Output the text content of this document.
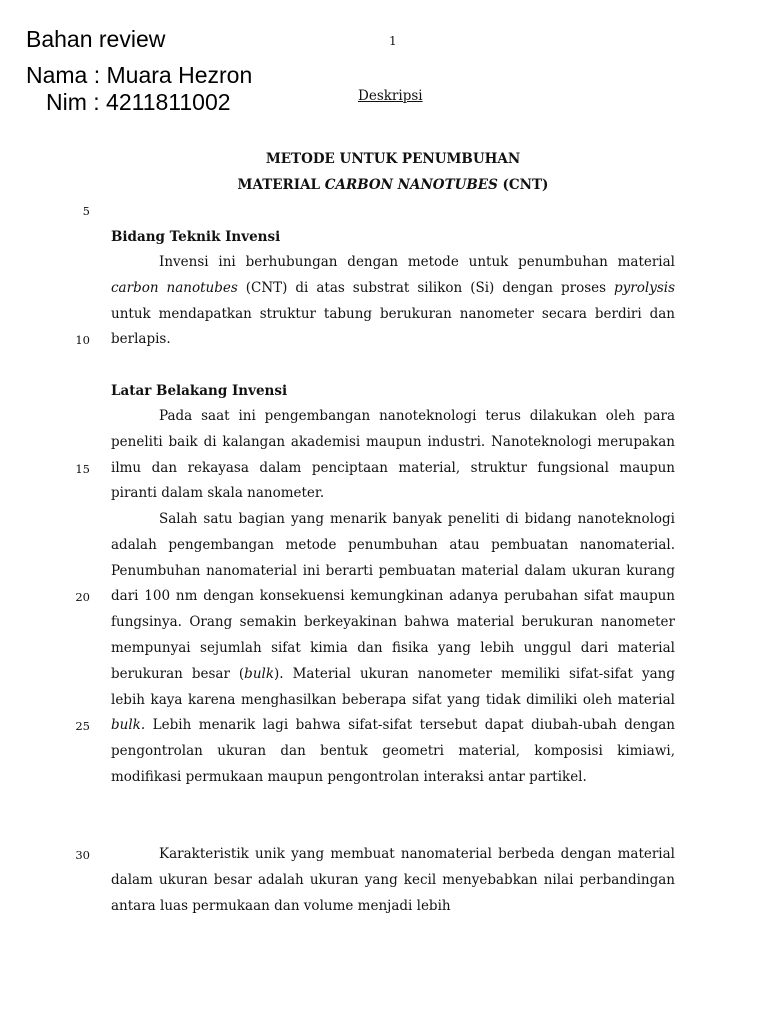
Bahan review
Nama : Muara Hezron
Nim : 4211811002
1
Deskripsi
METODE UNTUK PENUMBUHAN
MATERIAL CARBON NANOTUBES (CNT)
5
10
15
20
25
30
Bidang Teknik Invensi
Invensi ini berhubungan dengan metode untuk penumbuhan material carbon nanotubes (CNT) di atas substrat silikon (Si) dengan proses pyrolysis untuk mendapatkan struktur tabung berukuran nanometer secara berdiri dan berlapis.
Latar Belakang Invensi
Pada saat ini pengembangan nanoteknologi terus dilakukan oleh para peneliti baik di kalangan akademisi maupun industri. Nanoteknologi merupakan ilmu dan rekayasa dalam penciptaan material, struktur fungsional maupun piranti dalam skala nanometer.
Salah satu bagian yang menarik banyak peneliti di bidang nanoteknologi adalah pengembangan metode penumbuhan atau pembuatan nanomaterial. Penumbuhan nanomaterial ini berarti pembuatan material dalam ukuran kurang dari 100 nm dengan konsekuensi kemungkinan adanya perubahan sifat maupun fungsinya. Orang semakin berkeyakinan bahwa material berukuran nanometer mempunyai sejumlah sifat kimia dan fisika yang lebih unggul dari material berukuran besar (bulk). Material ukuran nanometer memiliki sifat-sifat yang lebih kaya karena menghasilkan beberapa sifat yang tidak dimiliki oleh material bulk. Lebih menarik lagi bahwa sifat-sifat tersebut dapat diubah-ubah dengan pengontrolan ukuran dan bentuk geometri material, komposisi kimiawi, modifikasi permukaan maupun pengontrolan interaksi antar partikel.
Karakteristik unik yang membuat nanomaterial berbeda dengan material dalam ukuran besar adalah ukuran yang kecil menyebabkan nilai perbandingan antara luas permukaan dan volume menjadi lebih
